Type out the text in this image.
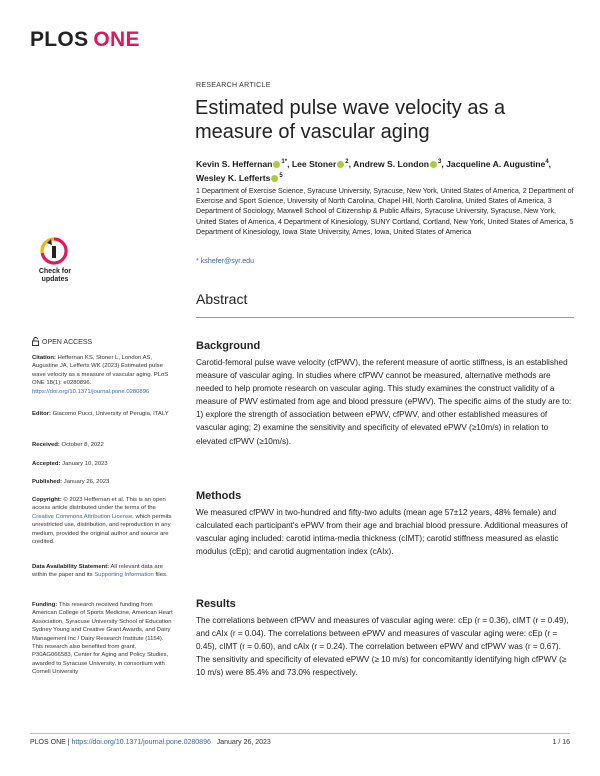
PLOS ONE
RESEARCH ARTICLE
Estimated pulse wave velocity as a measure of vascular aging
Kevin S. Heffernan $^{1*}$, Lee Stoner $^2$, Andrew S. London $^3$, Jacqueline A. Augustine$^4$, Wesley K. Lefferts $^5$
1 Department of Exercise Science, Syracuse University, Syracuse, New York, United States of America, 2 Department of Exercise and Sport Science, University of North Carolina, Chapel Hill, North Carolina, United States of America, 3 Department of Sociology, Maxwell School of Citizenship & Public Affairs, Syracuse University, Syracuse, New York, United States of America, 4 Department of Kinesiology, SUNY Cortland, Cortland, New York, United States of America, 5 Department of Kinesiology, Iowa State University, Ames, Iowa, United States of America
* kshefer@syr.edu
Check for updates
OPEN ACCESS
Citation: Heffernan KS, Stoner L, London AS, Augustine JA, Lefferts WK (2023) Estimated pulse wave velocity as a measure of vascular aging. PLoS ONE 18(1): e0280896. https://doi.org/10.1371/journal.pone.0280896
Editor: Giacomo Pucci, University of Perugia, ITALY
Received: October 8, 2022
Accepted: January 10, 2023
Published: January 26, 2023
Copyright: © 2023 Heffernan et al. This is an open access article distributed under the terms of the Creative Commons Attribution License, which permits unrestricted use, distribution, and reproduction in any medium, provided the original author and source are credited.
Data Availability Statement: All relevant data are within the paper and its Supporting Information files.
Funding: This research received funding from American College of Sports Medicine, American Heart Association, Syracuse University School of Education Sydney Young and Creative Grant Awards, and Dairy Management Inc / Dairy Research Institute (1154). This research also benefited from grant, P30AG066583, Center for Aging and Policy Studies, awarded to Syracuse University, in consortium with Cornell University
Abstract
Background
Carotid-femoral pulse wave velocity (cfPWV), the referent measure of aortic stiffness, is an established measure of vascular aging. In studies where cfPWV cannot be measured, alternative methods are needed to help promote research on vascular aging. This study examines the construct validity of a measure of PWV estimated from age and blood pressure (ePWV). The specific aims of the study are to: 1) explore the strength of association between ePWV, cfPWV, and other established measures of vascular aging; 2) examine the sensitivity and specificity of elevated ePWV (≥10m/s) in relation to elevated cfPWV (≥10m/s).
Methods
We measured cfPWV in two-hundred and fifty-two adults (mean age 57±12 years, 48% female) and calculated each participant's ePWV from their age and brachial blood pressure. Additional measures of vascular aging included: carotid intima-media thickness (cIMT); carotid stiffness measured as elastic modulus (cEp); and carotid augmentation index (cAIx).
Results
The correlations between cfPWV and measures of vascular aging were: cEp (r = 0.36), cIMT (r = 0.49), and cAIx (r = 0.04). The correlations between ePWV and measures of vascular aging were: cEp (r = 0.45), cIMT (r = 0.60), and cAIx (r = 0.24). The correlation between ePWV and cfPWV was (r = 0.67). The sensitivity and specificity of elevated ePWV (≥ 10 m/s) for concomitantly identifying high cfPWV (≥ 10 m/s) were 85.4% and 73.0% respectively.
PLOS ONE | https://doi.org/10.1371/journal.pone.0280896 January 26, 2023	1 / 16
